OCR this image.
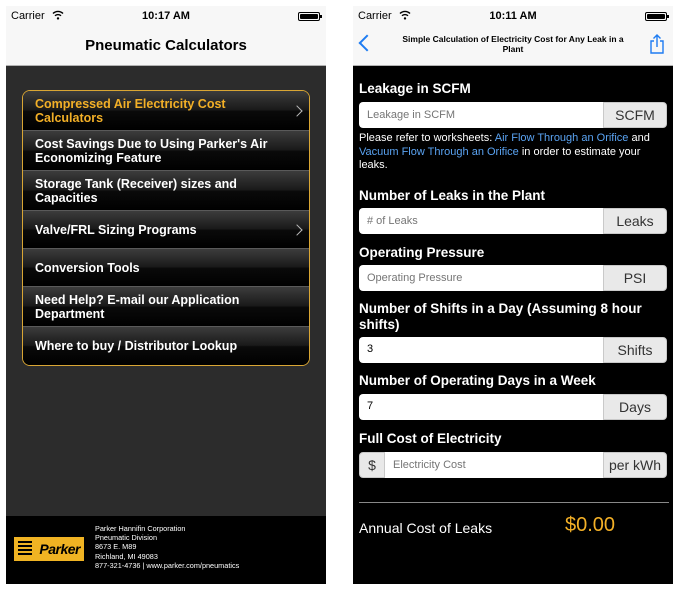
Carrier	10:17 AM
Pneumatic Calculators
Compressed Air Electricity Cost Calculators
Cost Savings Due to Using Parker's Air Economizing Feature
Storage Tank (Receiver) sizes and Capacities
Valve/FRL Sizing Programs
Conversion Tools
Need Help? E-mail our Application Department
Where to buy / Distributor Lookup
Parker
Parker Hannifin Corporation
Pneumatic Division
8673 E. M89
Richland, MI 49083
877-321-4736 | www.parker.com/pneumatics
Carrier	10:11 AM
Simple Calculation of Electricity Cost for Any Leak in a Plant
Leakage in SCFM
Leakage in SCFM
SCFM
Please refer to worksheets: Air Flow Through an Orifice and Vacuum Flow Through an Orifice in order to estimate your leaks.
Number of Leaks in the Plant
# of Leaks
Leaks
Operating Pressure
Operating Pressure
PSI
Number of Shifts in a Day (Assuming 8 hour shifts)
3	Shifts
Number of Operating Days in a Week
7	Days
Full Cost of Electricity
$
Electricity Cost	per kWh
Annual Cost of Leaks	$0.00
